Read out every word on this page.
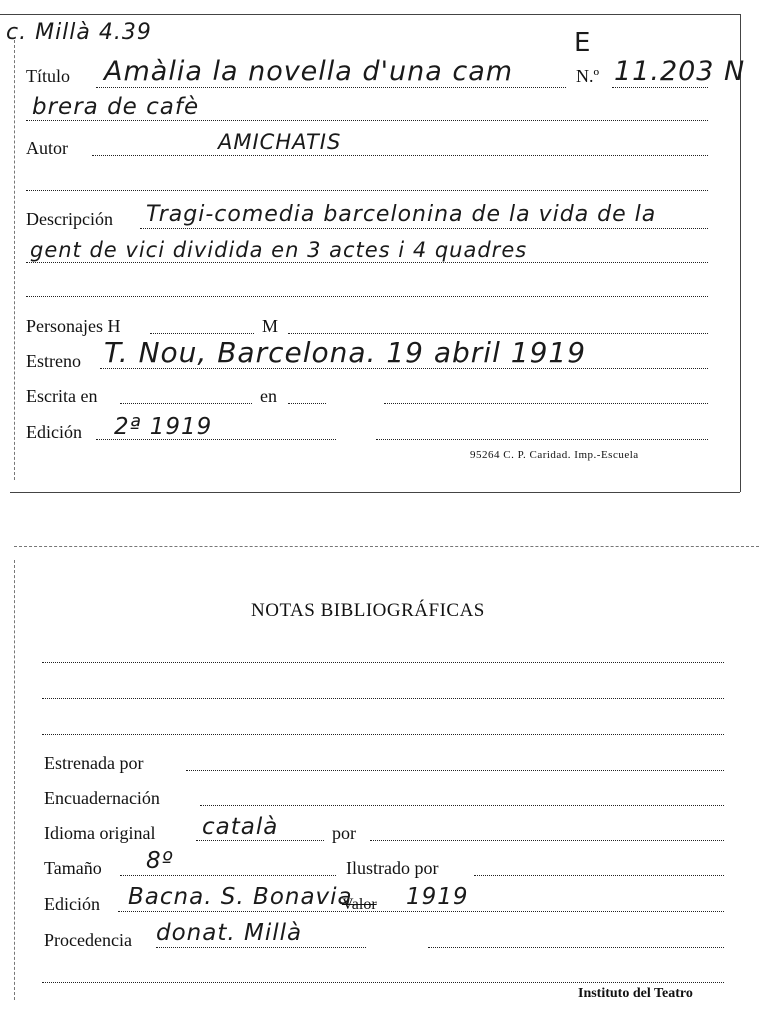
c. Millà 4.39	E
Título Amàlia la novella d'una cam	N.º 11.203 N
brera de cafè
Autor	AMICHATIS
Descripción Tragi-comedia barcelonina de la vida de la
gent de vici dividida en 3 actes i 4 quadres
Personajes H	M
Estreno T. Nou, Barcelona. 19 abril 1919
Escrita en	en
Edición 2ª 1919
95264 C. P. Caridad. Imp.-Escuela
NOTAS BIBLIOGRÁFICAS
Estrenada por
Encuadernación
Idioma original català	por
Tamaño 8º	Ilustrado por
Edición Bacna. S. Bonavia
Valor 1919
Procedencia donat. Millà
Instituto del Teatro
